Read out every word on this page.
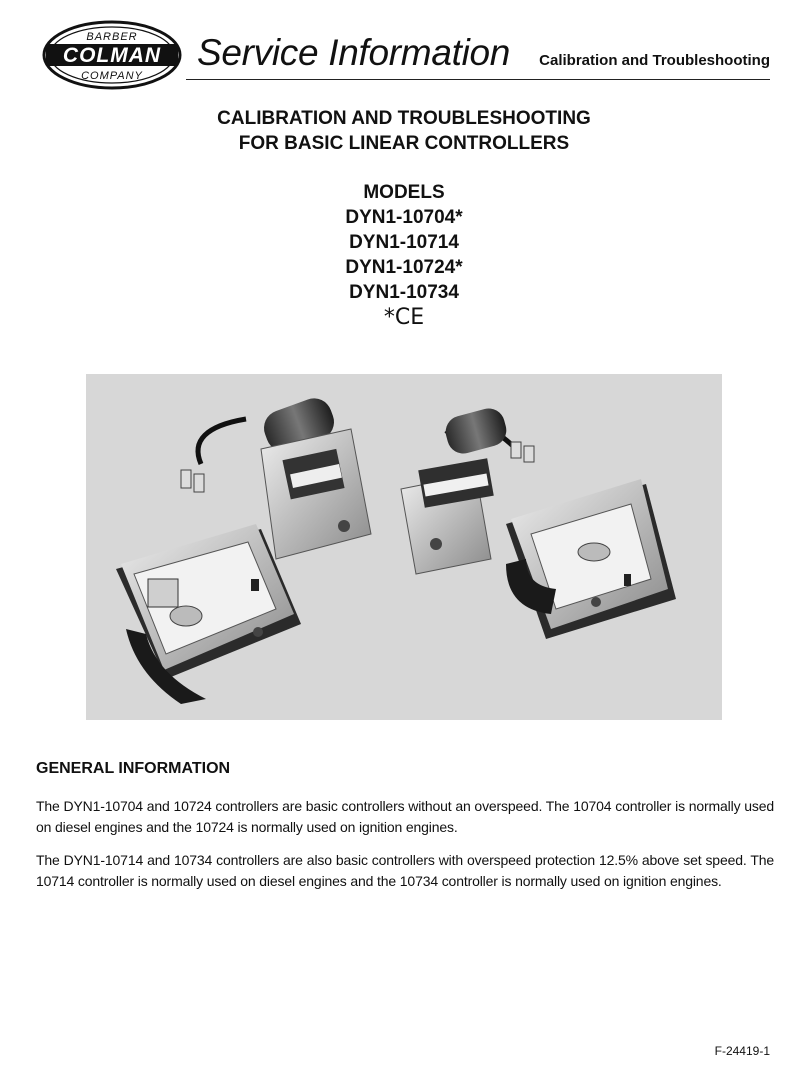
BARBER
COLMAN
COMPANY
Service Information Calibration and Troubleshooting
CALIBRATION AND TROUBLESHOOTING
FOR BASIC LINEAR CONTROLLERS
MODELS
DYN1-10704*
DYN1-10714
DYN1-10724*
DYN1-10734
*CE
GENERAL INFORMATION

The DYN1-10704 and 10724 controllers are basic controllers without an overspeed. The 10704 controller is normally used on diesel engines and the 10724 is normally used on ignition engines.

The DYN1-10714 and 10734 controllers are also basic controllers with overspeed protection 12.5% above set speed. The 10714 controller is normally used on diesel engines and the 10734 controller is normally used on ignition engines.

F-24419-1
